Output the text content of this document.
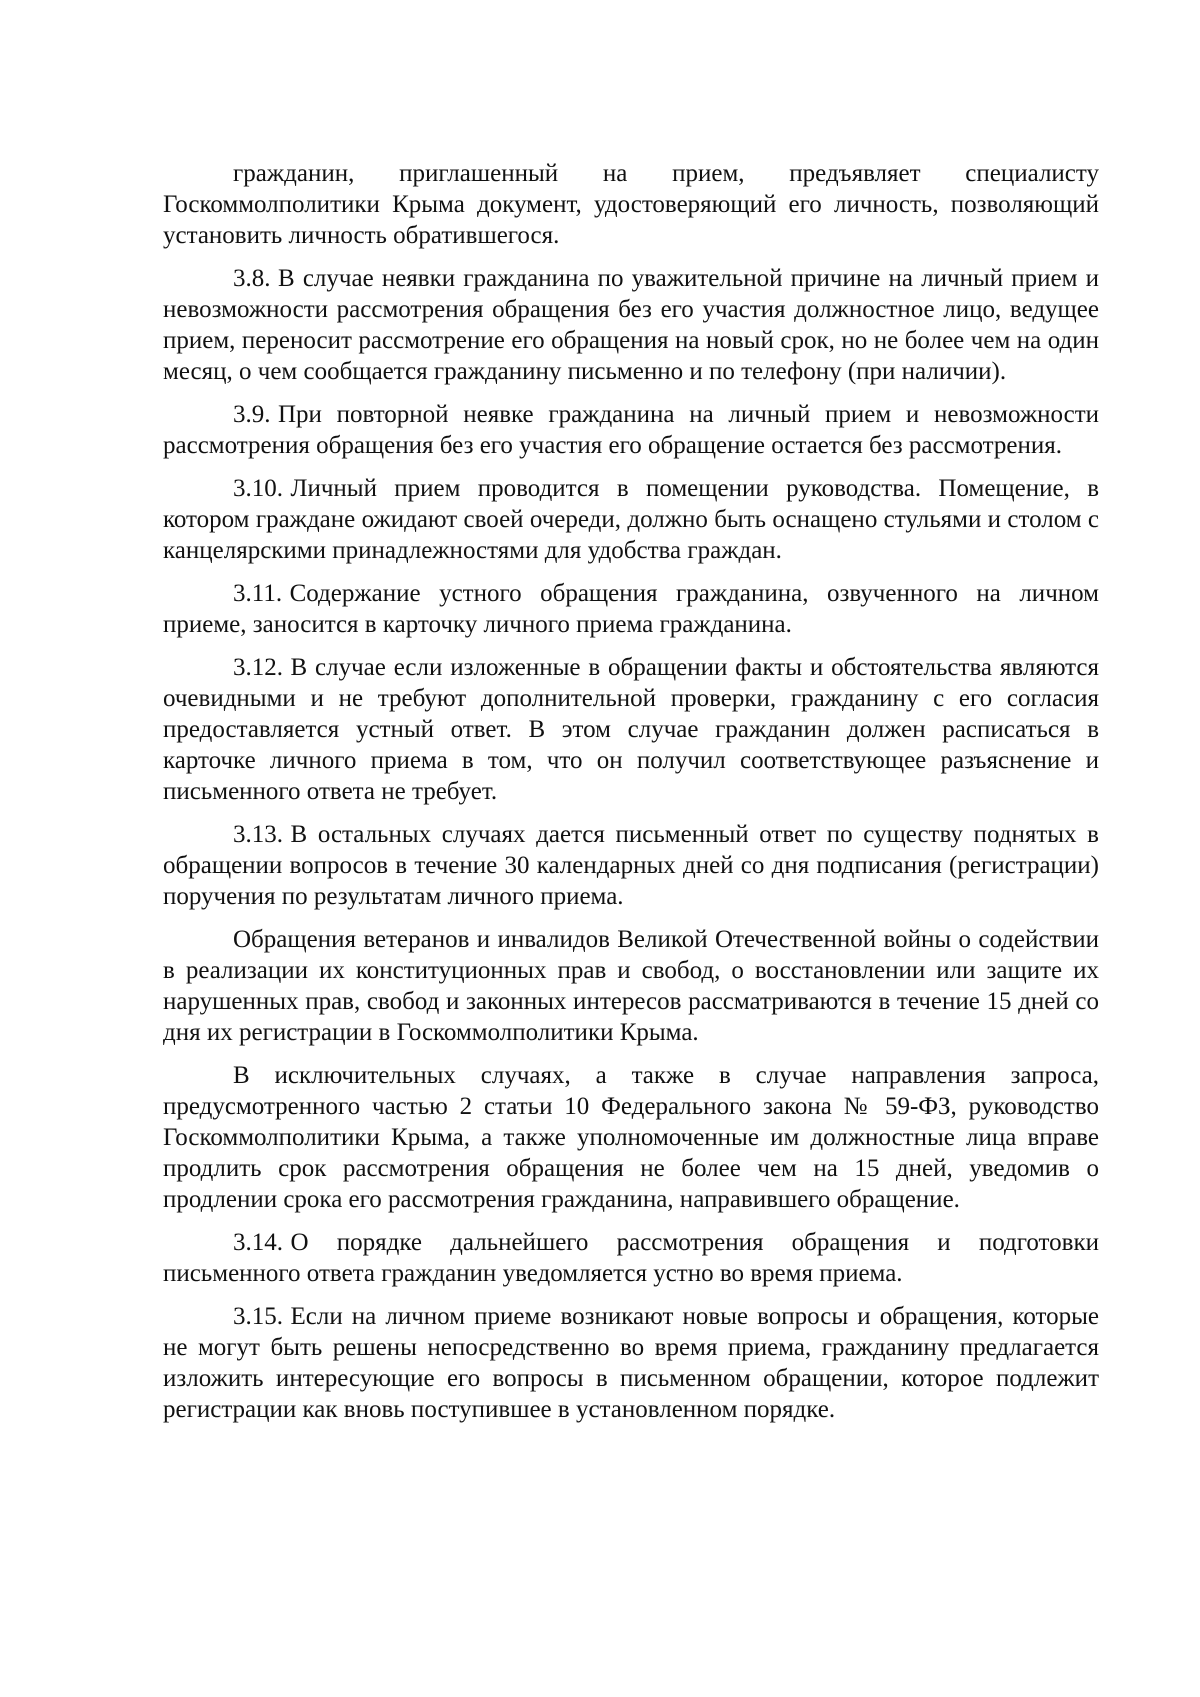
гражданин, приглашенный на прием, предъявляет специалисту Госкоммолполитики Крыма документ, удостоверяющий его личность, позволяющий установить личность обратившегося.

3.8. В случае неявки гражданина по уважительной причине на личный прием и невозможности рассмотрения обращения без его участия должностное лицо, ведущее прием, переносит рассмотрение его обращения на новый срок, но не более чем на один месяц, о чем сообщается гражданину письменно и по телефону (при наличии).

3.9. При повторной неявке гражданина на личный прием и невозможности рассмотрения обращения без его участия его обращение остается без рассмотрения.

3.10. Личный прием проводится в помещении руководства. Помещение, в котором граждане ожидают своей очереди, должно быть оснащено стульями и столом с канцелярскими принадлежностями для удобства граждан.

3.11. Содержание устного обращения гражданина, озвученного на личном приеме, заносится в карточку личного приема гражданина.

3.12. В случае если изложенные в обращении факты и обстоятельства являются очевидными и не требуют дополнительной проверки, гражданину с его согласия предоставляется устный ответ. В этом случае гражданин должен расписаться в карточке личного приема в том, что он получил соответствующее разъяснение и письменного ответа не требует.

3.13. В остальных случаях дается письменный ответ по существу поднятых в обращении вопросов в течение 30 календарных дней со дня подписания (регистрации) поручения по результатам личного приема.

Обращения ветеранов и инвалидов Великой Отечественной войны о содействии в реализации их конституционных прав и свобод, о восстановлении или защите их нарушенных прав, свобод и законных интересов рассматриваются в течение 15 дней со дня их регистрации в Госкоммолполитики Крыма.

В исключительных случаях, а также в случае направления запроса, предусмотренного частью 2 статьи 10 Федерального закона № 59-ФЗ, руководство Госкоммолполитики Крыма, а также уполномоченные им должностные лица вправе продлить срок рассмотрения обращения не более чем на 15 дней, уведомив о продлении срока его рассмотрения гражданина, направившего обращение.

3.14. О порядке дальнейшего рассмотрения обращения и подготовки письменного ответа гражданин уведомляется устно во время приема.

3.15. Если на личном приеме возникают новые вопросы и обращения, которые не могут быть решены непосредственно во время приема, гражданину предлагается изложить интересующие его вопросы в письменном обращении, которое подлежит регистрации как вновь поступившее в установленном порядке.
